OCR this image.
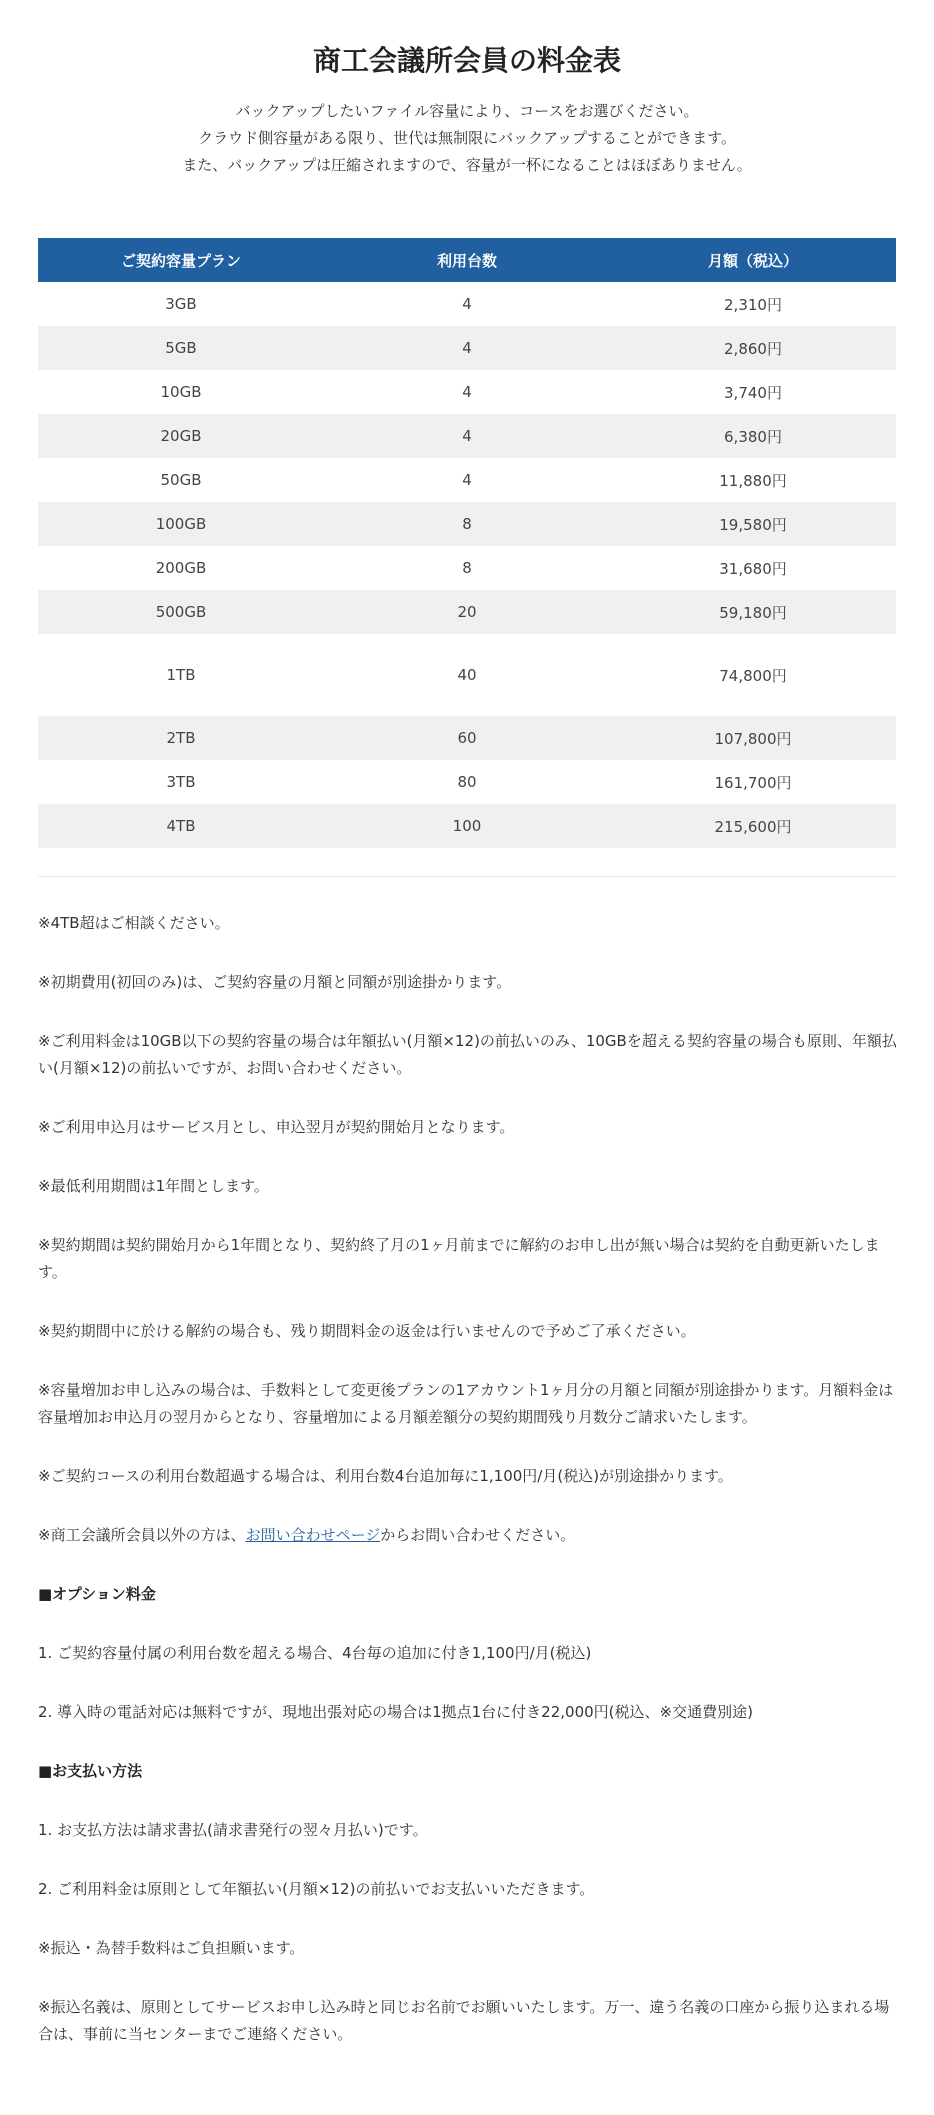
商工会議所会員の料金表

バックアップしたいファイル容量により、コースをお選びください。

クラウド側容量がある限り、世代は無制限にバックアップすることができます。

また、バックアップは圧縮されますので、容量が一杯になることはほぼありません。

ご契約容量プラン	利用台数	月額（税込）
3GB	4	2,310円
5GB	4	2,860円
10GB	4	3,740円
20GB	4	6,380円
50GB	4	11,880円
100GB	8	19,580円
200GB	8	31,680円
500GB	20	59,180円
1TB	40	74,800円
2TB	60	107,800円
3TB	80	161,700円
4TB	100	215,600円

※4TB超はご相談ください。

※初期費用(初回のみ)は、ご契約容量の月額と同額が別途掛かります。

※ご利用料金は10GB以下の契約容量の場合は年額払い(月額×12)の前払いのみ、10GBを超える契約容量の場合も原則、年額払い(月額×12)の前払いですが、お問い合わせください。

※ご利用申込月はサービス月とし、申込翌月が契約開始月となります。

※最低利用期間は1年間とします。

※契約期間は契約開始月から1年間となり、契約終了月の1ヶ月前までに解約のお申し出が無い場合は契約を自動更新いたします。

※契約期間中に於ける解約の場合も、残り期間料金の返金は行いませんので予めご了承ください。

※容量増加お申し込みの場合は、手数料として変更後プランの1アカウント1ヶ月分の月額と同額が別途掛かります。月額料金は容量増加お申込月の翌月からとなり、容量増加による月額差額分の契約期間残り月数分ご請求いたします。

※ご契約コースの利用台数超過する場合は、利用台数4台追加毎に1,100円/月(税込)が別途掛かります。

※商工会議所会員以外の方は、お問い合わせページからお問い合わせください。

■オプション料金

1. ご契約容量付属の利用台数を超える場合、4台毎の追加に付き1,100円/月(税込)

2. 導入時の電話対応は無料ですが、現地出張対応の場合は1拠点1台に付き22,000円(税込、※交通費別途)

■お支払い方法

1. お支払方法は請求書払(請求書発行の翌々月払い)です。

2. ご利用料金は原則として年額払い(月額×12)の前払いでお支払いいただきます。

※振込・為替手数料はご負担願います。

※振込名義は、原則としてサービスお申し込み時と同じお名前でお願いいたします。万一、違う名義の口座から振り込まれる場合は、事前に当センターまでご連絡ください。
